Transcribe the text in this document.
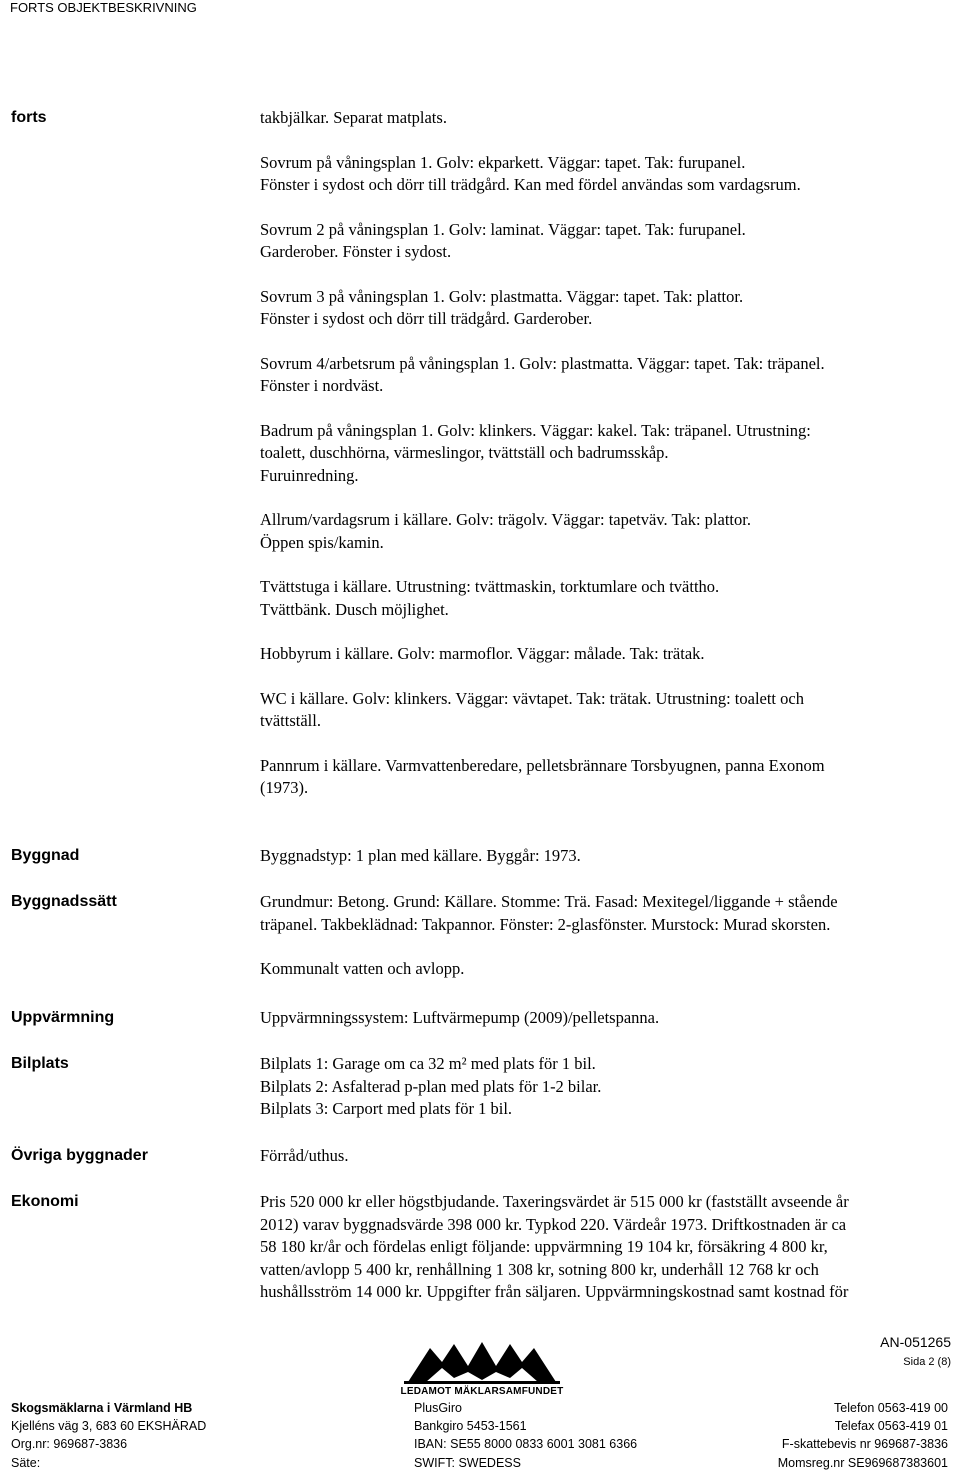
FORTS OBJEKTBESKRIVNING
forts	takbjälkar. Separat matplats.

Sovrum på våningsplan 1. Golv: ekparkett. Väggar: tapet. Tak: furupanel.
Fönster i sydost och dörr till trädgård. Kan med fördel användas som vardagsrum.

Sovrum 2 på våningsplan 1. Golv: laminat. Väggar: tapet. Tak: furupanel.
Garderober. Fönster i sydost.

Sovrum 3 på våningsplan 1. Golv: plastmatta. Väggar: tapet. Tak: plattor.
Fönster i sydost och dörr till trädgård. Garderober.

Sovrum 4/arbetsrum på våningsplan 1. Golv: plastmatta. Väggar: tapet. Tak: träpanel.
Fönster i nordväst.

Badrum på våningsplan 1. Golv: klinkers. Väggar: kakel. Tak: träpanel. Utrustning:
toalett, duschhörna, värmeslingor, tvättställ och badrumsskåp.
Furuinredning.

Allrum/vardagsrum i källare. Golv: trägolv. Väggar: tapetväv. Tak: plattor.
Öppen spis/kamin.

Tvättstuga i källare. Utrustning: tvättmaskin, torktumlare och tvättho.
Tvättbänk. Dusch möjlighet.

Hobbyrum i källare. Golv: marmoflor. Väggar: målade. Tak: trätak.

WC i källare. Golv: klinkers. Väggar: vävtapet. Tak: trätak. Utrustning: toalett och
tvättställ.

Pannrum i källare. Varmvattenberedare, pelletsbrännare Torsbyugnen, panna Exonom
(1973).

Byggnad	Byggnadstyp: 1 plan med källare. Byggår: 1973.

Byggnadssätt	Grundmur: Betong. Grund: Källare. Stomme: Trä. Fasad: Mexitegel/liggande + stående
träpanel. Takbeklädnad: Takpannor. Fönster: 2-glasfönster. Murstock: Murad skorsten.

Kommunalt vatten och avlopp.

Uppvärmning	Uppvärmningssystem: Luftvärmepump (2009)/pelletspanna.

Bilplats	Bilplats 1: Garage om ca 32 m² med plats för 1 bil.
Bilplats 2: Asfalterad p-plan med plats för 1-2 bilar.
Bilplats 3: Carport med plats för 1 bil.

Övriga byggnader	Förråd/uthus.

Ekonomi	Pris 520 000 kr eller högstbjudande. Taxeringsvärdet är 515 000 kr (fastställt avseende år
2012) varav byggnadsvärde 398 000 kr. Typkod 220. Värdeår 1973. Driftkostnaden är ca
58 180 kr/år och fördelas enligt följande: uppvärmning 19 104 kr, försäkring 4 800 kr,
vatten/avlopp 5 400 kr, renhållning 1 308 kr, sotning 800 kr, underhåll 12 768 kr och
hushållsström 14 000 kr. Uppgifter från säljaren. Uppvärmningskostnad samt kostnad för

AN-051265
Sida 2 (8)
LEDAMOT MÄKLARSAMFUNDET
Skogsmäklarna i Värmland HB
Kjelléns väg 3, 683 60 EKSHÄRAD
Org.nr: 969687-3836
Säte:
PlusGiro
Bankgiro 5453-1561
IBAN: SE55 8000 0833 6001 3081 6366
SWIFT: SWEDESS
Telefon 0563-419 00
Telefax 0563-419 01
F-skattebevis nr 969687-3836
Momsreg.nr SE969687383601
